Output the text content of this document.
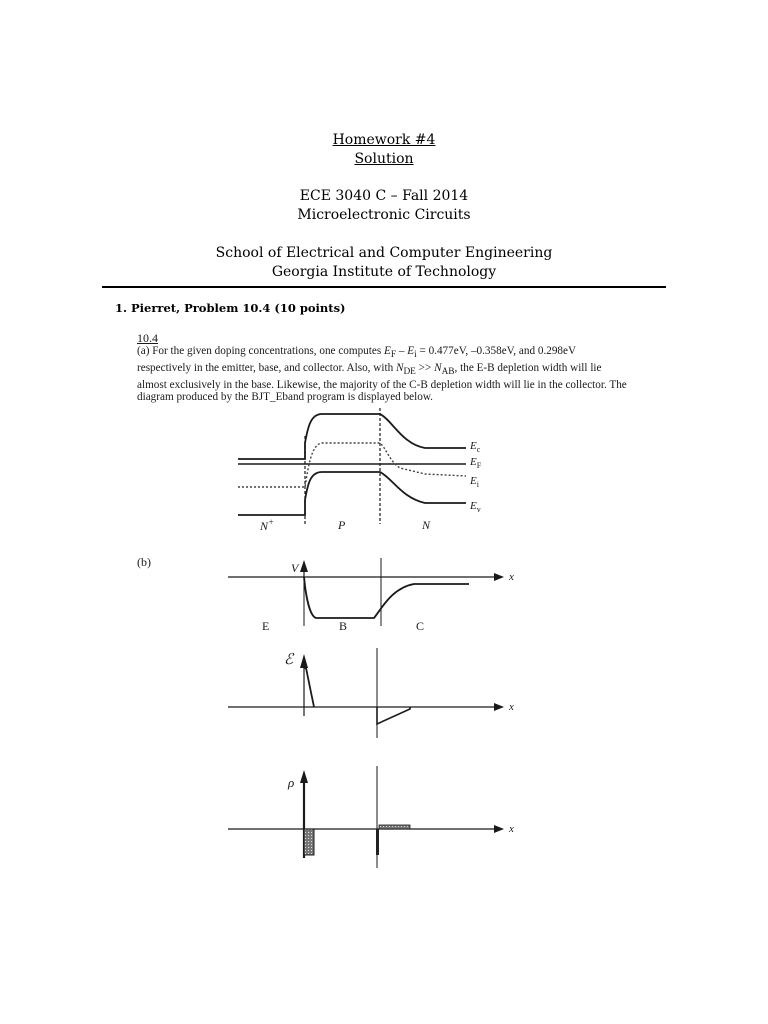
Homework #4
Solution
ECE 3040 C – Fall 2014
Microelectronic Circuits
School of Electrical and Computer Engineering
Georgia Institute of Technology
1. Pierret, Problem 10.4 (10 points)
10.4
(a) For the given doping concentrations, one computes $E_F - E_i = 0.477eV$, –0.358eV, and 0.298eV respectively in the emitter, base, and collector. Also, with $N_{DE} >> N_{AB}$, the E-B depletion width will lie almost exclusively in the base. Likewise, the majority of the C-B depletion width will lie in the collector. The diagram produced by the BJT_Eband program is displayed below.
$E_c$
$E_F$
$E_i$
$E_v$
N+	P	N
(b)	V
x
E	B	C
ℰ
x
ρ
x
